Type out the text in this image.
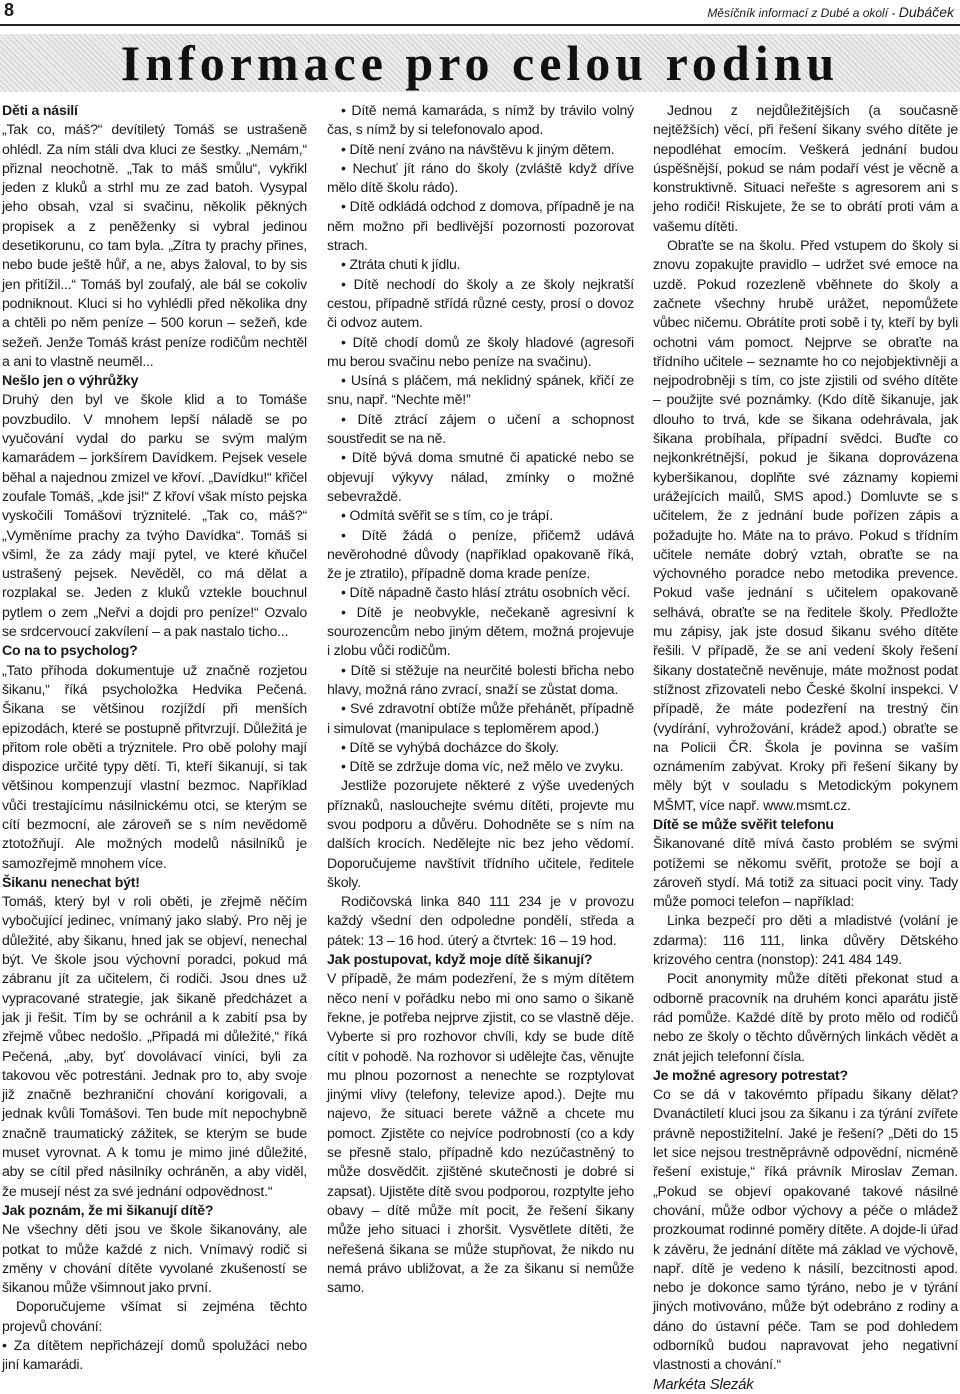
8	Měsíčník informací z Dubé a okolí - Dubáček
Informace pro celou rodinu
Děti a násilí

„Tak co, máš?“ devítiletý Tomáš se ustrašeně ohlédl. Za ním stáli dva kluci ze šestky. „Nemám,“ přiznal neochotně. „Tak to máš smůlu“, vykřikl jeden z kluků a strhl mu ze zad batoh. Vysypal jeho obsah, vzal si svačinu, několik pěkných propisek a z peněženky si vybral jedinou desetikorunu, co tam byla. „Zítra ty prachy přines, nebo bude ještě hůř, a ne, abys žaloval, to by sis jen přitížil...“ Tomáš byl zoufalý, ale bál se cokoliv podniknout. Kluci si ho vyhlédli před několika dny a chtěli po něm peníze – 500 korun – sežeň, kde sežeň. Jenže Tomáš krást peníze rodičům nechtěl a ani to vlastně neuměl...

Nešlo jen o výhrůžky

Druhý den byl ve škole klid a to Tomáše povzbudilo. V mnohem lepší náladě se po vyučování vydal do parku se svým malým kamarádem – jorkšírem Davídkem. Pejsek vesele běhal a najednou zmizel ve křoví. „Davídku!“ křičel zoufale Tomáš, „kde jsi!“ Z křoví však místo pejska vyskočili Tomášovi trýznitelé. „Tak co, máš?“ „Vyměníme prachy za tvýho Davídka“. Tomáš si všiml, že za zády mají pytel, ve které kňučel ustrašený pejsek. Nevěděl, co má dělat a rozplakal se. Jeden z kluků vztekle bouchnul pytlem o zem „Neřvi a dojdi pro peníze!“ Ozvalo se srdcervoucí zakvílení – a pak nastalo ticho...

Co na to psycholog?

„Tato příhoda dokumentuje už značně rozjetou šikanu,“ říká psycholožka Hedvika Pečená. Šikana se většinou rozjíždí při menších epizodách, které se postupně přitvrzují. Důležitá je přitom role oběti a trýznitele. Pro obě polohy mají dispozice určité typy dětí. Ti, kteří šikanují, si tak většinou kompenzují vlastní bezmoc. Například vůči trestajícímu násilnickému otci, se kterým se cítí bezmocní, ale zároveň se s ním nevědomě ztotožňují. Ale možných modelů násilníků je samozřejmě mnohem více.

Šikanu nenechat být!

Tomáš, který byl v roli oběti, je zřejmě něčím vybočující jedinec, vnímaný jako slabý. Pro něj je důležité, aby šikanu, hned jak se objeví, nenechal být. Ve škole jsou výchovní poradci, pokud má zábranu jít za učitelem, či rodiči. Jsou dnes už vypracované strategie, jak šikaně předcházet a jak ji řešit. Tím by se ochránil a k zabití psa by zřejmě vůbec nedošlo. „Připadá mi důležité,“ říká Pečená, „aby, byť dovolávací viníci, byli za takovou věc potrestáni. Jednak pro to, aby svoje již značně bezhraniční chování korigovali, a jednak kvůli Tomášovi. Ten bude mít nepochybně značně traumatický zážitek, se kterým se bude muset vyrovnat. A k tomu je mimo jiné důležité, aby se cítil před násilníky ochráněn, a aby viděl, že musejí nést za své jednání odpovědnost.“

Jak poznám, že mi šikanují dítě?

Ne všechny děti jsou ve škole šikanovány, ale potkat to může každé z nich. Vnímavý rodič si změny v chování dítěte vyvolané zkušeností se šikanou může všimnout jako první.

Doporučujeme všímat si zejména těchto projevů chování:

• Za dítětem nepřicházejí domů spolužáci nebo jiní kamarádi.

• Dítě nemá kamaráda, s nímž by trávilo volný čas, s nímž by si telefonovalo apod.

• Dítě není zváno na návštěvu k jiným dětem.

• Nechuť jít ráno do školy (zvláště když dříve mělo dítě školu rádo).

• Dítě odkládá odchod z domova, případně je na něm možno při bedlivější pozornosti pozorovat strach.

• Ztráta chuti k jídlu.

• Dítě nechodí do školy a ze školy nejkratší cestou, případně střídá různé cesty, prosí o dovoz či odvoz autem.

• Dítě chodí domů ze školy hladové (agresoři mu berou svačinu nebo peníze na svačinu).

• Usíná s pláčem, má neklidný spánek, křičí ze snu, např. “Nechte mě!”

• Dítě ztrácí zájem o učení a schopnost soustředit se na ně.

• Dítě bývá doma smutné či apatické nebo se objevují výkyvy nálad, zmínky o možné sebevraždě.

• Odmítá svěřit se s tím, co je trápí.

• Dítě žádá o peníze, přičemž udává nevěrohodné důvody (například opakovaně říká, že je ztratilo), případně doma krade peníze.

• Dítě nápadně často hlásí ztrátu osobních věcí.

• Dítě je neobvykle, nečekaně agresivní k sourozencům nebo jiným dětem, možná projevuje i zlobu vůči rodičům.

• Dítě si stěžuje na neurčité bolesti břicha nebo hlavy, možná ráno zvrací, snaží se zůstat doma.

• Své zdravotní obtíže může přehánět, případně i simulovat (manipulace s teploměrem apod.)

• Dítě se vyhýbá docházce do školy.

• Dítě se zdržuje doma víc, než mělo ve zvyku.

Jestliže pozorujete některé z výše uvedených příznaků, naslouchejte svému dítěti, projevte mu svou podporu a důvěru. Dohodněte se s ním na dalších krocích. Nedělejte nic bez jeho vědomí. Doporučujeme navštívit třídního učitele, ředitele školy.

Rodičovská linka 840 111 234 je v provozu každý všední den odpoledne pondělí, středa a pátek: 13 – 16 hod. úterý a čtvrtek: 16 – 19 hod.

Jak postupovat, když moje dítě šikanují?

V případě, že mám podezření, že s mým dítětem něco není v pořádku nebo mi ono samo o šikaně řekne, je potřeba nejprve zjistit, co se vlastně děje. Vyberte si pro rozhovor chvíli, kdy se bude dítě cítit v pohodě. Na rozhovor si udělejte čas, věnujte mu plnou pozornost a nenechte se rozptylovat jinými vlivy (telefony, televize apod.). Dejte mu najevo, že situaci berete vážně a chcete mu pomoct. Zjistěte co nejvíce podrobností (co a kdy se přesně stalo, případně kdo nezúčastněný to může dosvědčit. zjištěné skutečnosti je dobré si zapsat). Ujistěte dítě svou podporou, rozptylte jeho obavy – dítě může mít pocit, že řešení šikany může jeho situaci i zhoršit. Vysvětlete dítěti, že neřešená šikana se může stupňovat, že nikdo nu nemá právo ubližovat, a že za šikanu si nemůže samo.

Jednou z nejdůležitějších (a současně nejtěžších) věcí, při řešení šikany svého dítěte je nepodléhat emocím. Veškerá jednání budou úspěšnější, pokud se nám podaří vést je věcně a konstruktivně. Situaci neřešte s agresorem ani s jeho rodiči! Riskujete, že se to obrátí proti vám a vašemu dítěti.

Obraťte se na školu. Před vstupem do školy si znovu zopakujte pravidlo – udržet své emoce na uzdě. Pokud rozezleně vběhnete do školy a začnete všechny hrubě urážet, nepomůžete vůbec ničemu. Obrátíte proti sobě i ty, kteří by byli ochotni vám pomoct. Nejprve se obraťte na třídního učitele – seznamte ho co nejobjektivněji a nejpodrobněji s tím, co jste zjistili od svého dítěte – použijte své poznámky. (Kdo dítě šikanuje, jak dlouho to trvá, kde se šikana odehrávala, jak šikana probíhala, případní svědci. Buďte co nejkonkrétnější, pokud je šikana doprovázena kyberšikanou, doplňte své záznamy kopiemi urážejících mailů, SMS apod.) Domluvte se s učitelem, že z jednání bude pořízen zápis a požadujte ho. Máte na to právo. Pokud s třídním učitele nemáte dobrý vztah, obraťte se na výchovného poradce nebo metodika prevence. Pokud vaše jednání s učitelem opakovaně selhává, obraťte se na ředitele školy. Předložte mu zápisy, jak jste dosud šikanu svého dítěte řešili. V případě, že se ani vedení školy řešení šikany dostatečně nevěnuje, máte možnost podat stížnost zřizovateli nebo České školní inspekci. V případě, že máte podezření na trestný čin (vydírání, vyhrožování, krádež apod.) obraťte se na Policii ČR. Škola je povinna se vaším oznámením zabývat. Kroky při řešení šikany by měly být v souladu s Metodickým pokynem MŠMT, více např. www.msmt.cz.

Dítě se může svěřit telefonu

Šikanované dítě mívá často problém se svými potížemi se někomu svěřit, protože se bojí a zároveň stydí. Má totiž za situaci pocit viny. Tady může pomoci telefon – například:

Linka bezpečí pro děti a mladistvé (volání je zdarma): 116 111, linka důvěry Dětského krizového centra (nonstop): 241 484 149.

Pocit anonymity může dítěti překonat stud a odborně pracovník na druhém konci aparátu jistě rád pomůže. Každé dítě by proto mělo od rodičů nebo ze školy o těchto důvěrných linkách vědět a znát jejich telefonní čísla.

Je možné agresory potrestat?

Co se dá v takovémto případu šikany dělat? Dvanáctiletí kluci jsou za šikanu i za týrání zvířete právně nepostižitelní. Jaké je řešení? „Děti do 15 let sice nejsou trestněprávně odpovědní, nicméně řešení existuje,“ říká právník Miroslav Zeman. „Pokud se objeví opakované takové násilné chování, může odbor výchovy a péče o mládež prozkoumat rodinné poměry dítěte. A dojde-li úřad k závěru, že jednání dítěte má základ ve výchově, např. dítě je vedeno k násilí, bezcitnosti apod. nebo je dokonce samo týráno, nebo je v týrání jiných motivováno, může být odebráno z rodiny a dáno do ústavní péče. Tam se pod dohledem odborníků budou napravovat jeho negativní vlastnosti a chování.“

Markéta Slezák
